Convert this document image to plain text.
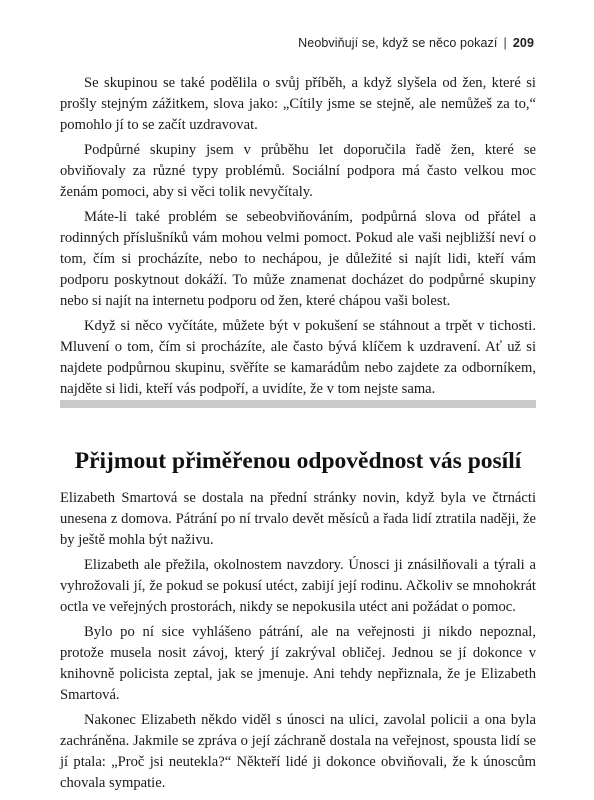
Neobviňují se, když se něco pokazí | 209

Se skupinou se také podělila o svůj příběh, a když slyšela od žen, které si prošly stejným zážitkem, slova jako: „Cítily jsme se stejně, ale nemůžeš za to,“ pomohlo jí to se začít uzdravovat.

Podpůrné skupiny jsem v průběhu let doporučila řadě žen, které se obviňovaly za různé typy problémů. Sociální podpora má často velkou moc ženám pomoci, aby si věci tolik nevyčítaly.

Máte-li také problém se sebeobviňováním, podpůrná slova od přátel a rodinných příslušníků vám mohou velmi pomoct. Pokud ale vaši nejbližší neví o tom, čím si procházíte, nebo to nechápou, je důležité si najít lidi, kteří vám podporu poskytnout dokáží. To může znamenat docházet do podpůrné skupiny nebo si najít na internetu podporu od žen, které chápou vaši bolest.

Když si něco vyčítáte, můžete být v pokušení se stáhnout a trpět v tichosti. Mluvení o tom, čím si procházíte, ale často bývá klíčem k uzdravení. Ať už si najdete podpůrnou skupinu, svěříte se kamarádům nebo zajdete za odborníkem, najděte si lidi, kteří vás podpoří, a uvidíte, že v tom nejste sama.

Přijmout přiměřenou odpovědnost vás posílí

Elizabeth Smartová se dostala na přední stránky novin, když byla ve čtrnácti unesena z domova. Pátrání po ní trvalo devět měsíců a řada lidí ztratila naději, že by ještě mohla být naživu.

Elizabeth ale přežila, okolnostem navzdory. Únosci ji znásilňovali a týrali a vyhrožovali jí, že pokud se pokusí utéct, zabijí její rodinu. Ačkoliv se mnohokrát octla ve veřejných prostorách, nikdy se nepokusila utéct ani požádat o pomoc.

Bylo po ní sice vyhlášeno pátrání, ale na veřejnosti ji nikdo nepoznal, protože musela nosit závoj, který jí zakrýval obličej. Jednou se jí dokonce v knihovně policista zeptal, jak se jmenuje. Ani tehdy nepřiznala, že je Elizabeth Smartová.

Nakonec Elizabeth někdo viděl s únosci na ulici, zavolal policii a ona byla zachráněna. Jakmile se zpráva o její záchraně dostala na veřejnost, spousta lidí se jí ptala: „Proč jsi neutekla?“ Někteří lidé ji dokonce obviňovali, že k únoscům chovala sympatie.
